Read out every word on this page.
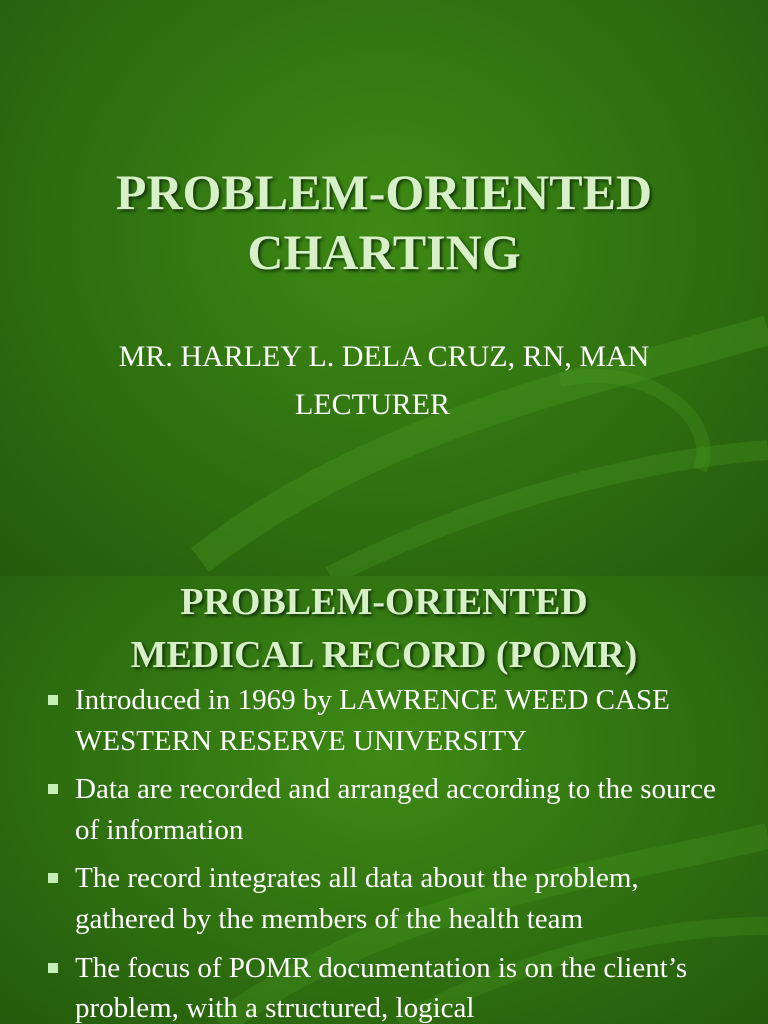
PROBLEM-ORIENTED
CHARTING
MR. HARLEY L. DELA CRUZ, RN, MAN
LECTURER
PROBLEM-ORIENTED
MEDICAL RECORD (POMR)
Introduced in 1969 by LAWRENCE WEED CASE WESTERN RESERVE UNIVERSITY
Data are recorded and arranged according to the source of information
The record integrates all data about the problem, gathered by the members of the health team
The focus of POMR documentation is on the client’s problem, with a structured, logical
